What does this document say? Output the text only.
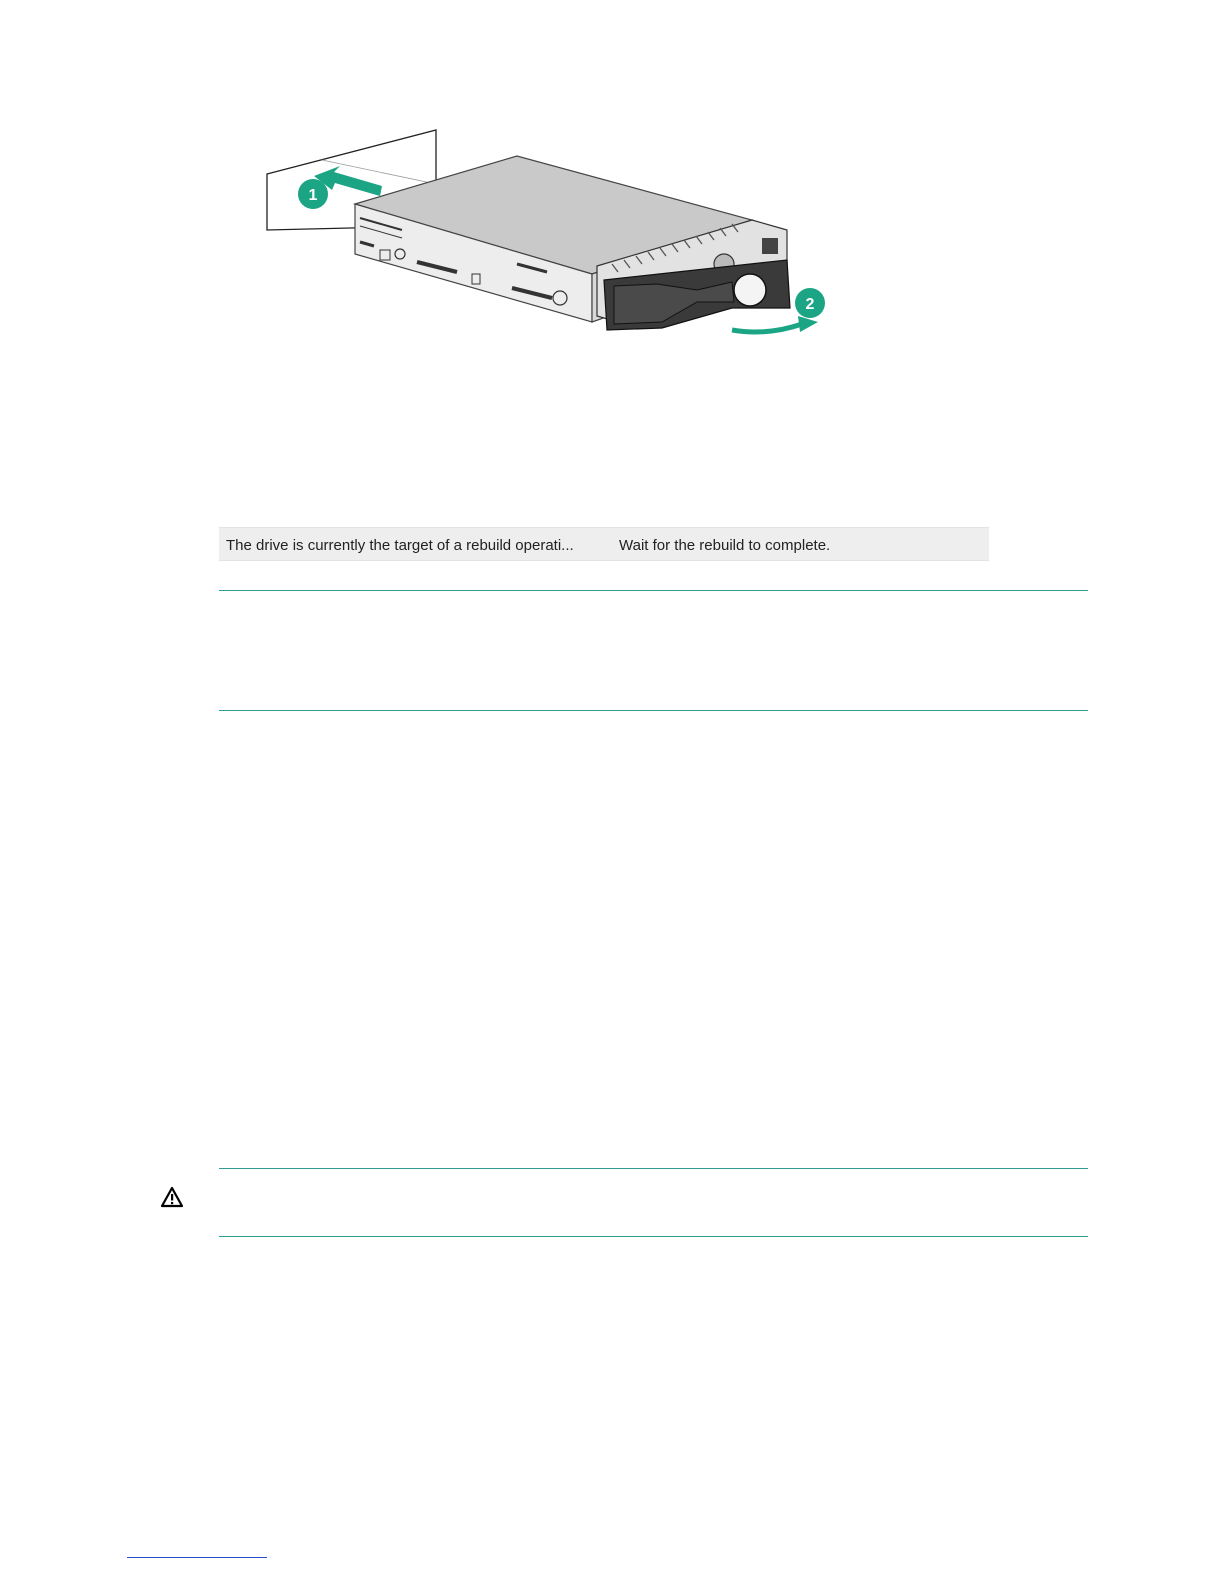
1
2
The drive is currently the target of a rebuild operati...	Wait for the rebuild to complete.
